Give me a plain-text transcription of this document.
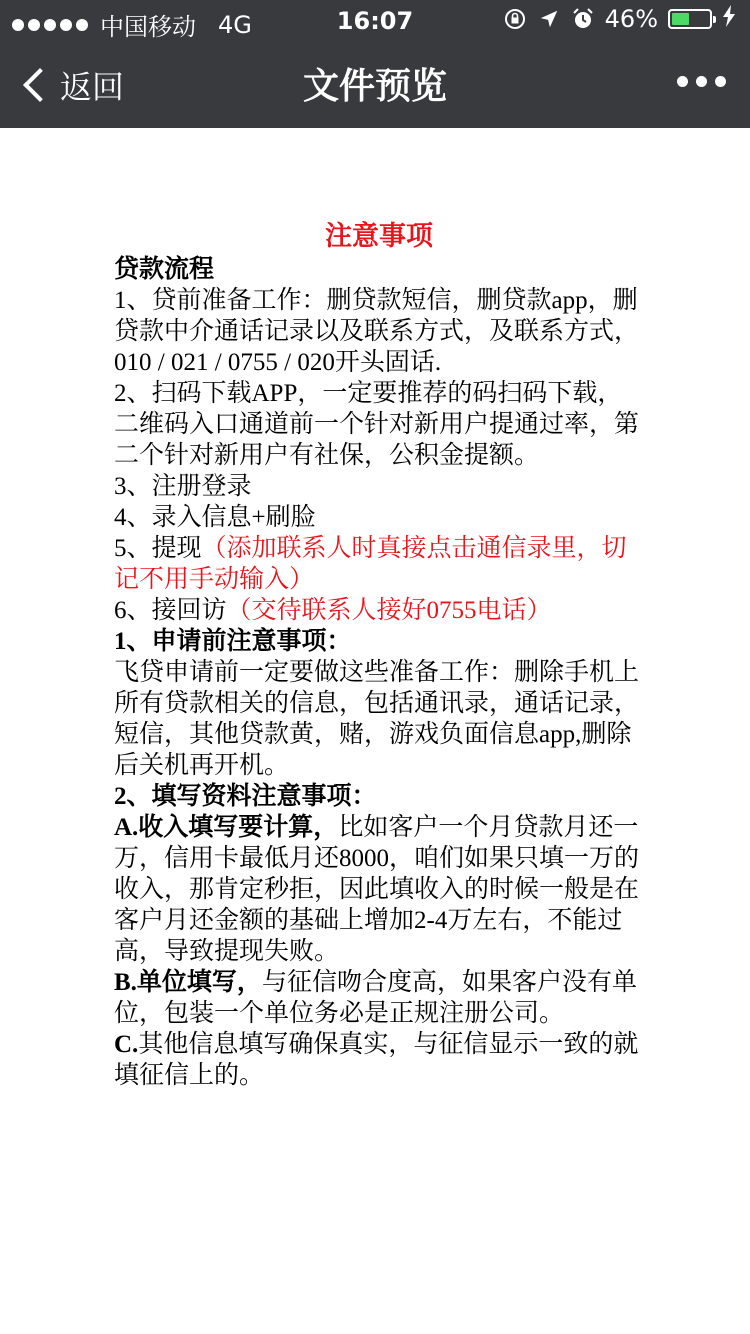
中国移动 4G	16:07	46%
返回	文件预览

注意事项

贷款流程

1、贷前准备工作：删贷款短信，删贷款app，删贷款中介通话记录以及联系方式，及联系方式，010 / 021 / 0755 / 020开头固话.

2、扫码下载APP，一定要推荐的码扫码下载，二维码入口通道前一个针对新用户提通过率，第二个针对新用户有社保，公积金提额。

3、注册登录

4、录入信息+刷脸

5、提现（添加联系人时真接点击通信录里，切记不用手动输入）

6、接回访（交待联系人接好0755电话）

1、申请前注意事项：

飞贷申请前一定要做这些准备工作：删除手机上所有贷款相关的信息，包括通讯录，通话记录，短信，其他贷款黄，赌，游戏负面信息app,删除后关机再开机。

2、填写资料注意事项：

A.收入填写要计算，比如客户一个月贷款月还一万，信用卡最低月还8000，咱们如果只填一万的收入，那肯定秒拒，因此填收入的时候一般是在客户月还金额的基础上增加2-4万左右，不能过高，导致提现失败。

B.单位填写，与征信吻合度高，如果客户没有单位，包装一个单位务必是正规注册公司。

C.其他信息填写确保真实，与征信显示一致的就填征信上的。
